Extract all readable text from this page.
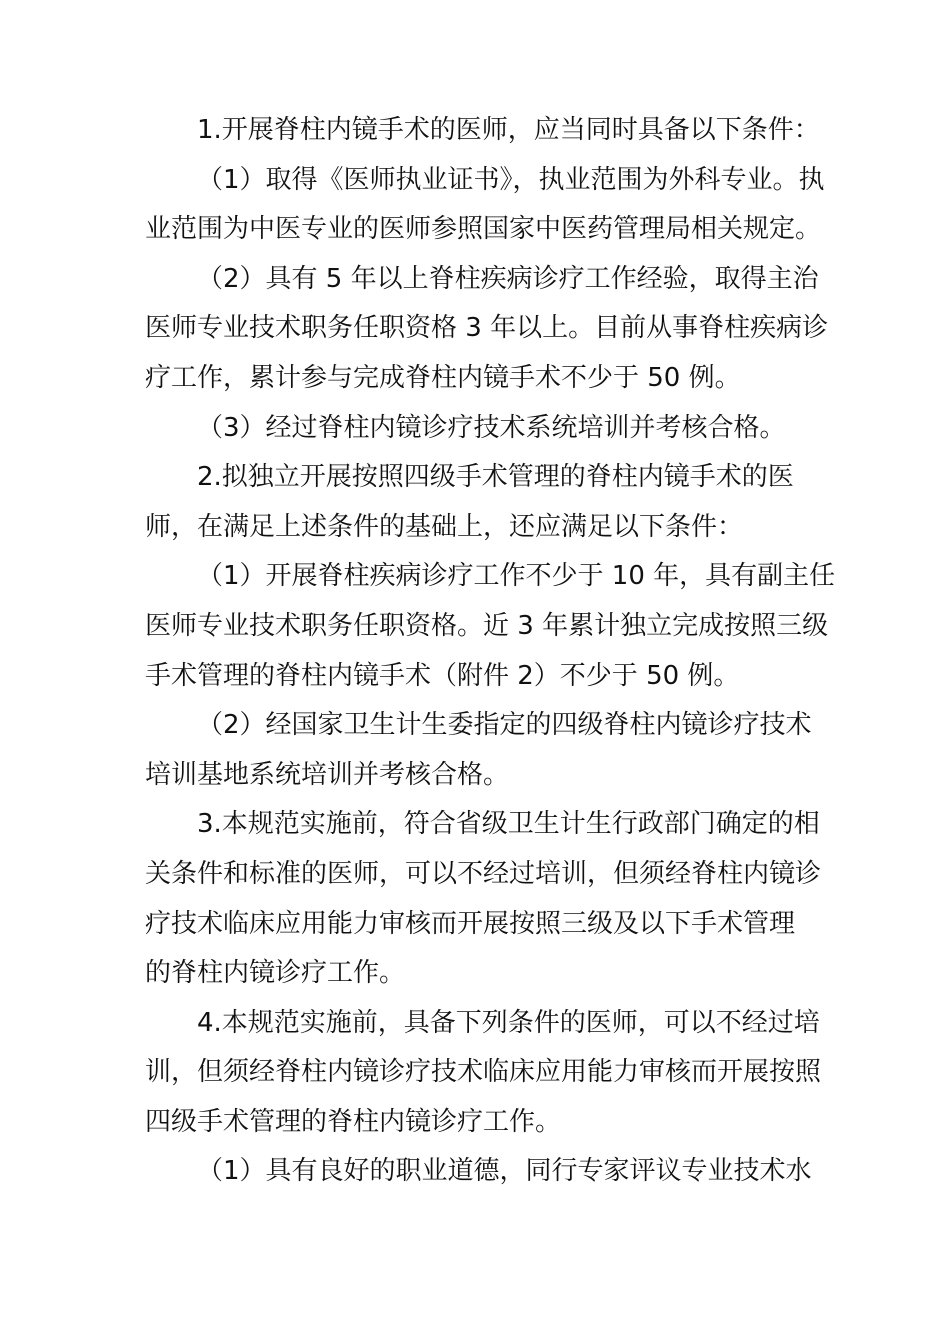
1.开展脊柱内镜手术的医师，应当同时具备以下条件：
（1）取得《医师执业证书》，执业范围为外科专业。执
业范围为中医专业的医师参照国家中医药管理局相关规定。
（2）具有 5 年以上脊柱疾病诊疗工作经验，取得主治
医师专业技术职务任职资格 3 年以上。目前从事脊柱疾病诊
疗工作，累计参与完成脊柱内镜手术不少于 50 例。
（3）经过脊柱内镜诊疗技术系统培训并考核合格。
2.拟独立开展按照四级手术管理的脊柱内镜手术的医
师，在满足上述条件的基础上，还应满足以下条件：
（1）开展脊柱疾病诊疗工作不少于 10 年，具有副主任
医师专业技术职务任职资格。近 3 年累计独立完成按照三级
手术管理的脊柱内镜手术（附件 2）不少于 50 例。
（2）经国家卫生计生委指定的四级脊柱内镜诊疗技术
培训基地系统培训并考核合格。
3.本规范实施前，符合省级卫生计生行政部门确定的相
关条件和标准的医师，可以不经过培训，但须经脊柱内镜诊
疗技术临床应用能力审核而开展按照三级及以下手术管理
的脊柱内镜诊疗工作。
4.本规范实施前，具备下列条件的医师，可以不经过培
训，但须经脊柱内镜诊疗技术临床应用能力审核而开展按照
四级手术管理的脊柱内镜诊疗工作。
（1）具有良好的职业道德，同行专家评议专业技术水
